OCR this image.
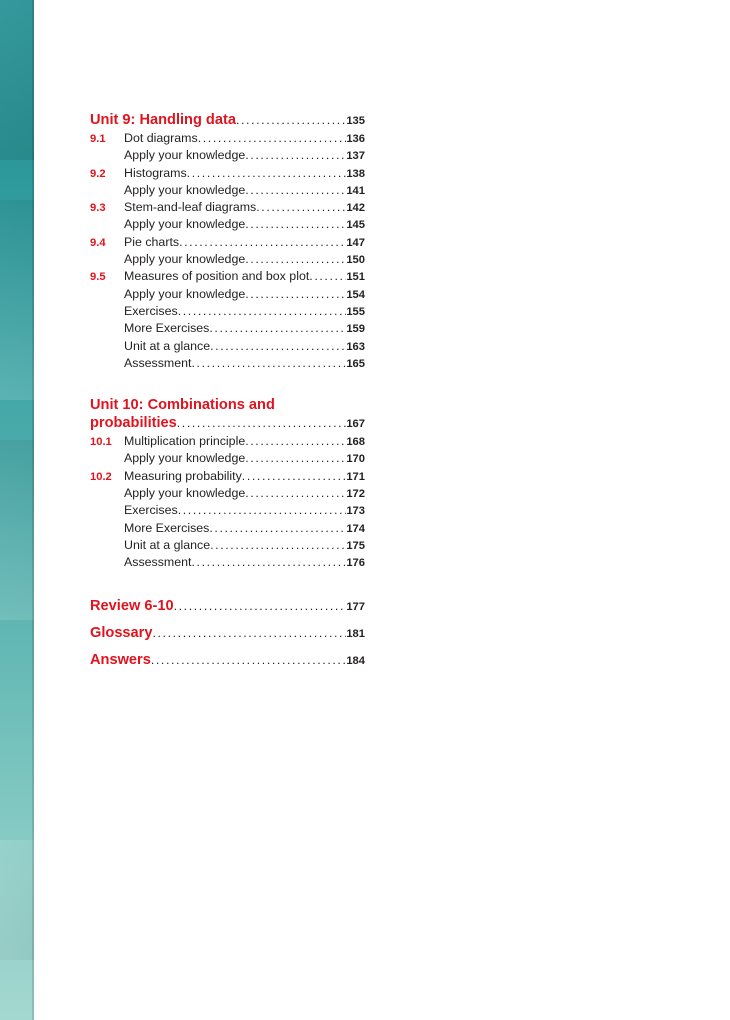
Unit 9: Handling data .....	135
9.1	Dot diagrams .....	136
Apply your knowledge .....	137
9.2	Histograms .....	138
Apply your knowledge .....	141
9.3	Stem-and-leaf diagrams .....	142
Apply your knowledge .....	145
9.4	Pie charts .....	147
Apply your knowledge .....	150
9.5	Measures of position and box plot .....	151
Apply your knowledge .....	154
Exercises .....	155
More Exercises .....	159
Unit at a glance .....	163
Assessment .....	165
Unit 10: Combinations and
probabilities .....	167
10.1 Multiplication principle .....	168
Apply your knowledge .....	170
10.2 Measuring probability .....	171
Apply your knowledge .....	172
Exercises .....	173
More Exercises .....	174
Unit at a glance .....	175
Assessment .....	176
Review 6-10 .....	177
Glossary .....	181
Answers .....	184
